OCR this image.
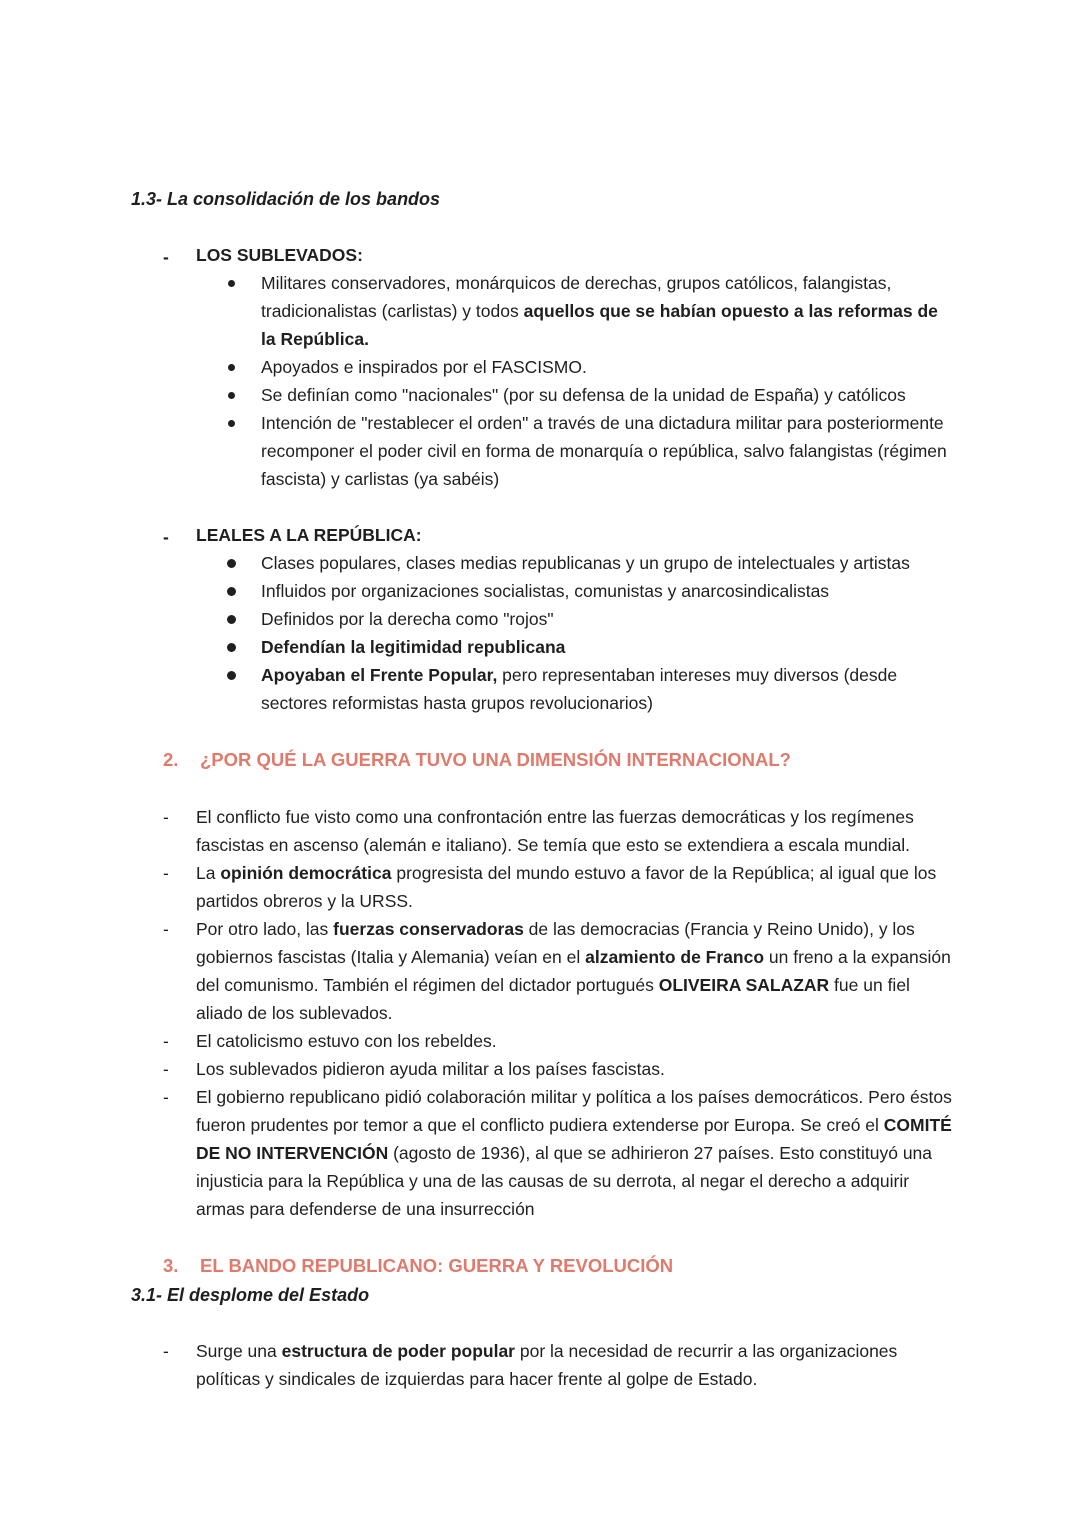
1.3- La consolidación de los bandos
-
LOS SUBLEVADOS:
Militares conservadores, monárquicos de derechas, grupos católicos, falangistas, tradicionalistas (carlistas) y todos aquellos que se habían opuesto a las reformas de la República.
Apoyados e inspirados por el FASCISMO.
Se definían como "nacionales" (por su defensa de la unidad de España) y católicos
Intención de "restablecer el orden" a través de una dictadura militar para posteriormente recomponer el poder civil en forma de monarquía o república, salvo falangistas (régimen fascista) y carlistas (ya sabéis)
-
LEALES A LA REPÚBLICA:
Clases populares, clases medias republicanas y un grupo de intelectuales y artistas
Influidos por organizaciones socialistas, comunistas y anarcosindicalistas
Definidos por la derecha como "rojos"
Defendían la legitimidad republicana
Apoyaban el Frente Popular, pero representaban intereses muy diversos (desde sectores reformistas hasta grupos revolucionarios)
2. ¿POR QUÉ LA GUERRA TUVO UNA DIMENSIÓN INTERNACIONAL?
- El conflicto fue visto como una confrontación entre las fuerzas democráticas y los regímenes fascistas en ascenso (alemán e italiano). Se temía que esto se extendiera a escala mundial.
- La opinión democrática progresista del mundo estuvo a favor de la República; al igual que los partidos obreros y la URSS.
- Por otro lado, las fuerzas conservadoras de las democracias (Francia y Reino Unido), y los gobiernos fascistas (Italia y Alemania) veían en el alzamiento de Franco un freno a la expansión del comunismo. También el régimen del dictador portugués OLIVEIRA SALAZAR fue un fiel aliado de los sublevados.
- El catolicismo estuvo con los rebeldes.
- Los sublevados pidieron ayuda militar a los países fascistas.
- El gobierno republicano pidió colaboración militar y política a los países democráticos. Pero éstos fueron prudentes por temor a que el conflicto pudiera extenderse por Europa. Se creó el COMITÉ DE NO INTERVENCIÓN (agosto de 1936), al que se adhirieron 27 países. Esto constituyó una injusticia para la República y una de las causas de su derrota, al negar el derecho a adquirir armas para defenderse de una insurrección
3. EL BANDO REPUBLICANO: GUERRA Y REVOLUCIÓN
3.1- El desplome del Estado
- Surge una estructura de poder popular por la necesidad de recurrir a las organizaciones políticas y sindicales de izquierdas para hacer frente al golpe de Estado.
